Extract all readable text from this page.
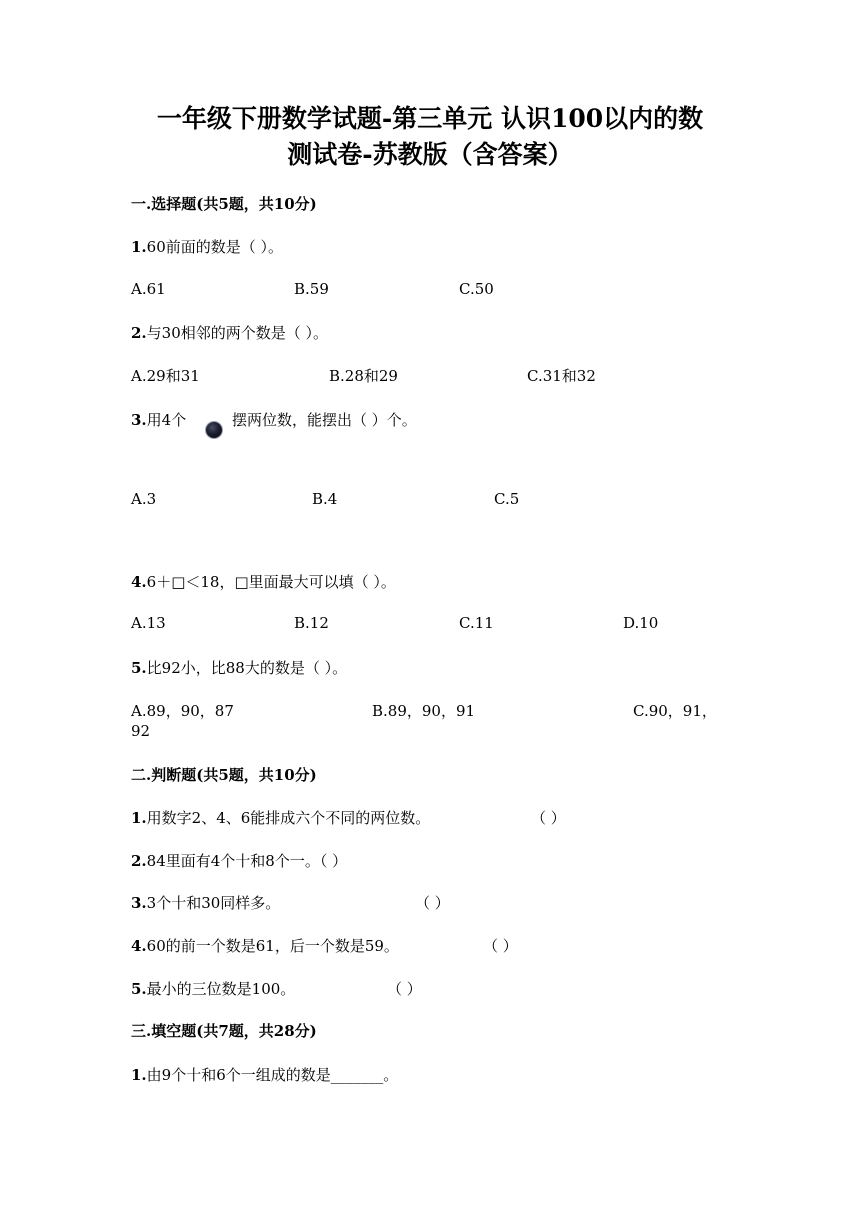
一年级下册数学试题-第三单元 认识100以内的数
测试卷-苏教版（含答案）
一.选择题(共5题，共10分)
1.60前面的数是（ ）。
A.61	B.59	C.50
2.与30相邻的两个数是（ ）。
A.29和31	B.28和29	C.31和32
3.用4个	摆两位数，能摆出（ ）个。
A.3	B.4	C.5
4.6＋□＜18，□里面最大可以填（ ）。
A.13	B.12	C.11	D.10
5.比92小，比88大的数是（ ）。
A.89，90，87	B.89，90，91	C.90，91，
92
二.判断题(共5题，共10分)
1.用数字2、4、6能排成六个不同的两位数。	（ ）
2.84里面有4个十和8个一。（ ）
3.3个十和30同样多。	（ ）
4.60的前一个数是61，后一个数是59。	（ ）
5.最小的三位数是100。	（ ）
三.填空题(共7题，共28分)
1.由9个十和6个一组成的数是_______。
